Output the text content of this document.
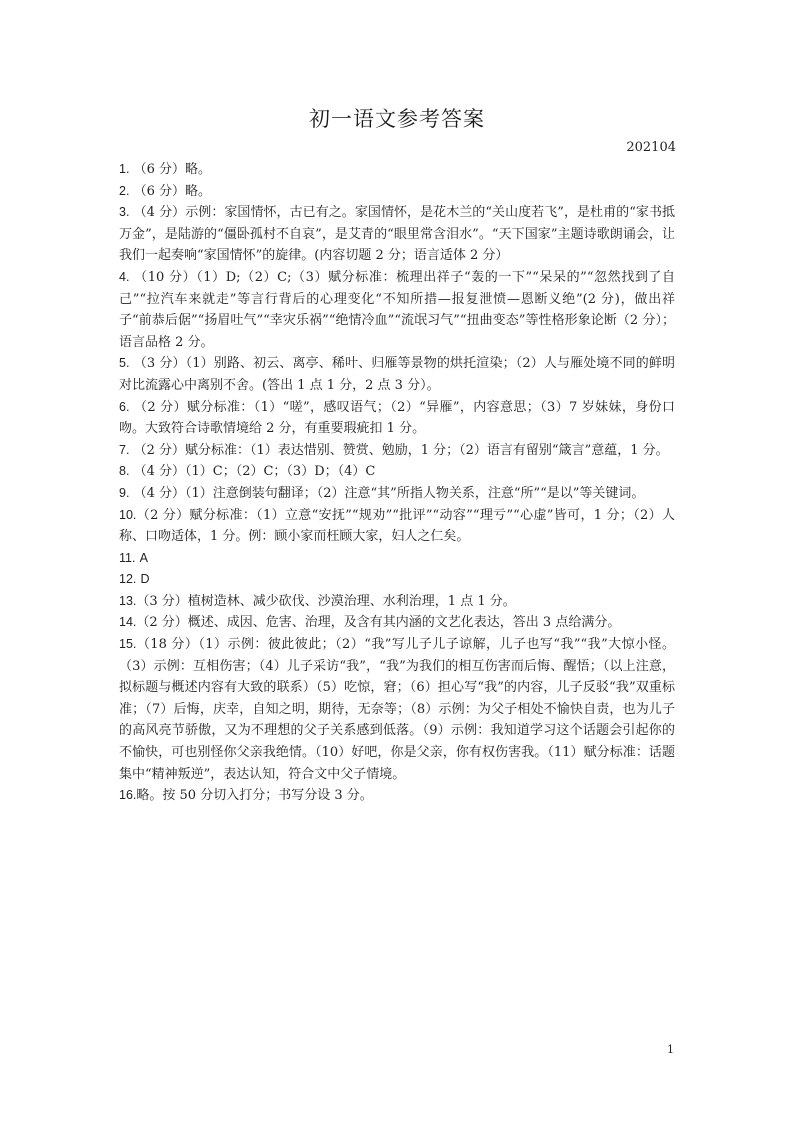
初一语文参考答案
202104

1. （6 分）略。

2. （6 分）略。

3. （4 分）示例：家国情怀，古已有之。家国情怀，是花木兰的“关山度若飞”，是杜甫的“家书抵万金”，是陆游的“僵卧孤村不自哀”，是艾青的“眼里常含泪水”。“天下国家”主题诗歌朗诵会，让我们一起奏响“家国情怀”的旋律。(内容切题 2 分；语言适体 2 分）

4. （10 分）（1）D;（2）C;（3）赋分标准：梳理出祥子“轰的一下”“呆呆的”“忽然找到了自己”“拉汽车来就走”等言行背后的心理变化“不知所措—报复泄愤—恩断义绝”(2 分)，做出祥子“前恭后倨”“扬眉吐气”“幸灾乐祸”“绝情冷血”“流氓习气”“扭曲变态”等性格形象论断（2 分）；语言品格 2 分。

5. （3 分）（1）别路、初云、离亭、稀叶、归雁等景物的烘托渲染；（2）人与雁处境不同的鲜明对比流露心中离别不舍。(答出 1 点 1 分，2 点 3 分）。

6. （2 分）赋分标准：（1）“嗟”，感叹语气；（2）“异雁”，内容意思；（3）7 岁妹妹，身份口吻。大致符合诗歌情境给 2 分，有重要瑕疵扣 1 分。

7. （2 分）赋分标准：（1）表达惜别、赞赏、勉励，1 分；（2）语言有留别“箴言”意蕴，1 分。

8. （4 分）（1）C；（2）C；（3）D；（4）C

9. （4 分）（1）注意倒装句翻译；（2）注意“其”所指人物关系，注意“所”“是以”等关键词。

10.（2 分）赋分标准：（1）立意“安抚”“规劝”“批评”“动容”“理亏”“心虚”皆可，1 分；（2）人称、口吻适体，1 分。例：顾小家而枉顾大家，妇人之仁矣。

11. A

12. D

13.（3 分）植树造林、减少砍伐、沙漠治理、水利治理，1 点 1 分。

14.（2 分）概述、成因、危害、治理，及含有其内涵的文艺化表达，答出 3 点给满分。

15.（18 分）（1）示例：彼此彼此；（2）“我”写儿子儿子谅解，儿子也写“我”“我”大惊小怪。（3）示例：互相伤害；（4）儿子采访“我”，“我”为我们的相互伤害而后悔、醒悟；（以上注意，拟标题与概述内容有大致的联系）（5）吃惊，窘；（6）担心写“我”的内容，儿子反驳“我”双重标准；（7）后悔，庆幸，自知之明，期待，无奈等；（8）示例：为父子相处不愉快自责，也为儿子的高风亮节骄傲，又为不理想的父子关系感到低落。（9）示例：我知道学习这个话题会引起你的不愉快，可也别怪你父亲我绝情。（10）好吧，你是父亲，你有权伤害我。（11）赋分标准：话题集中“精神叛逆”，表达认知，符合文中父子情境。

16.略。按 50 分切入打分；书写分设 3 分。

1
